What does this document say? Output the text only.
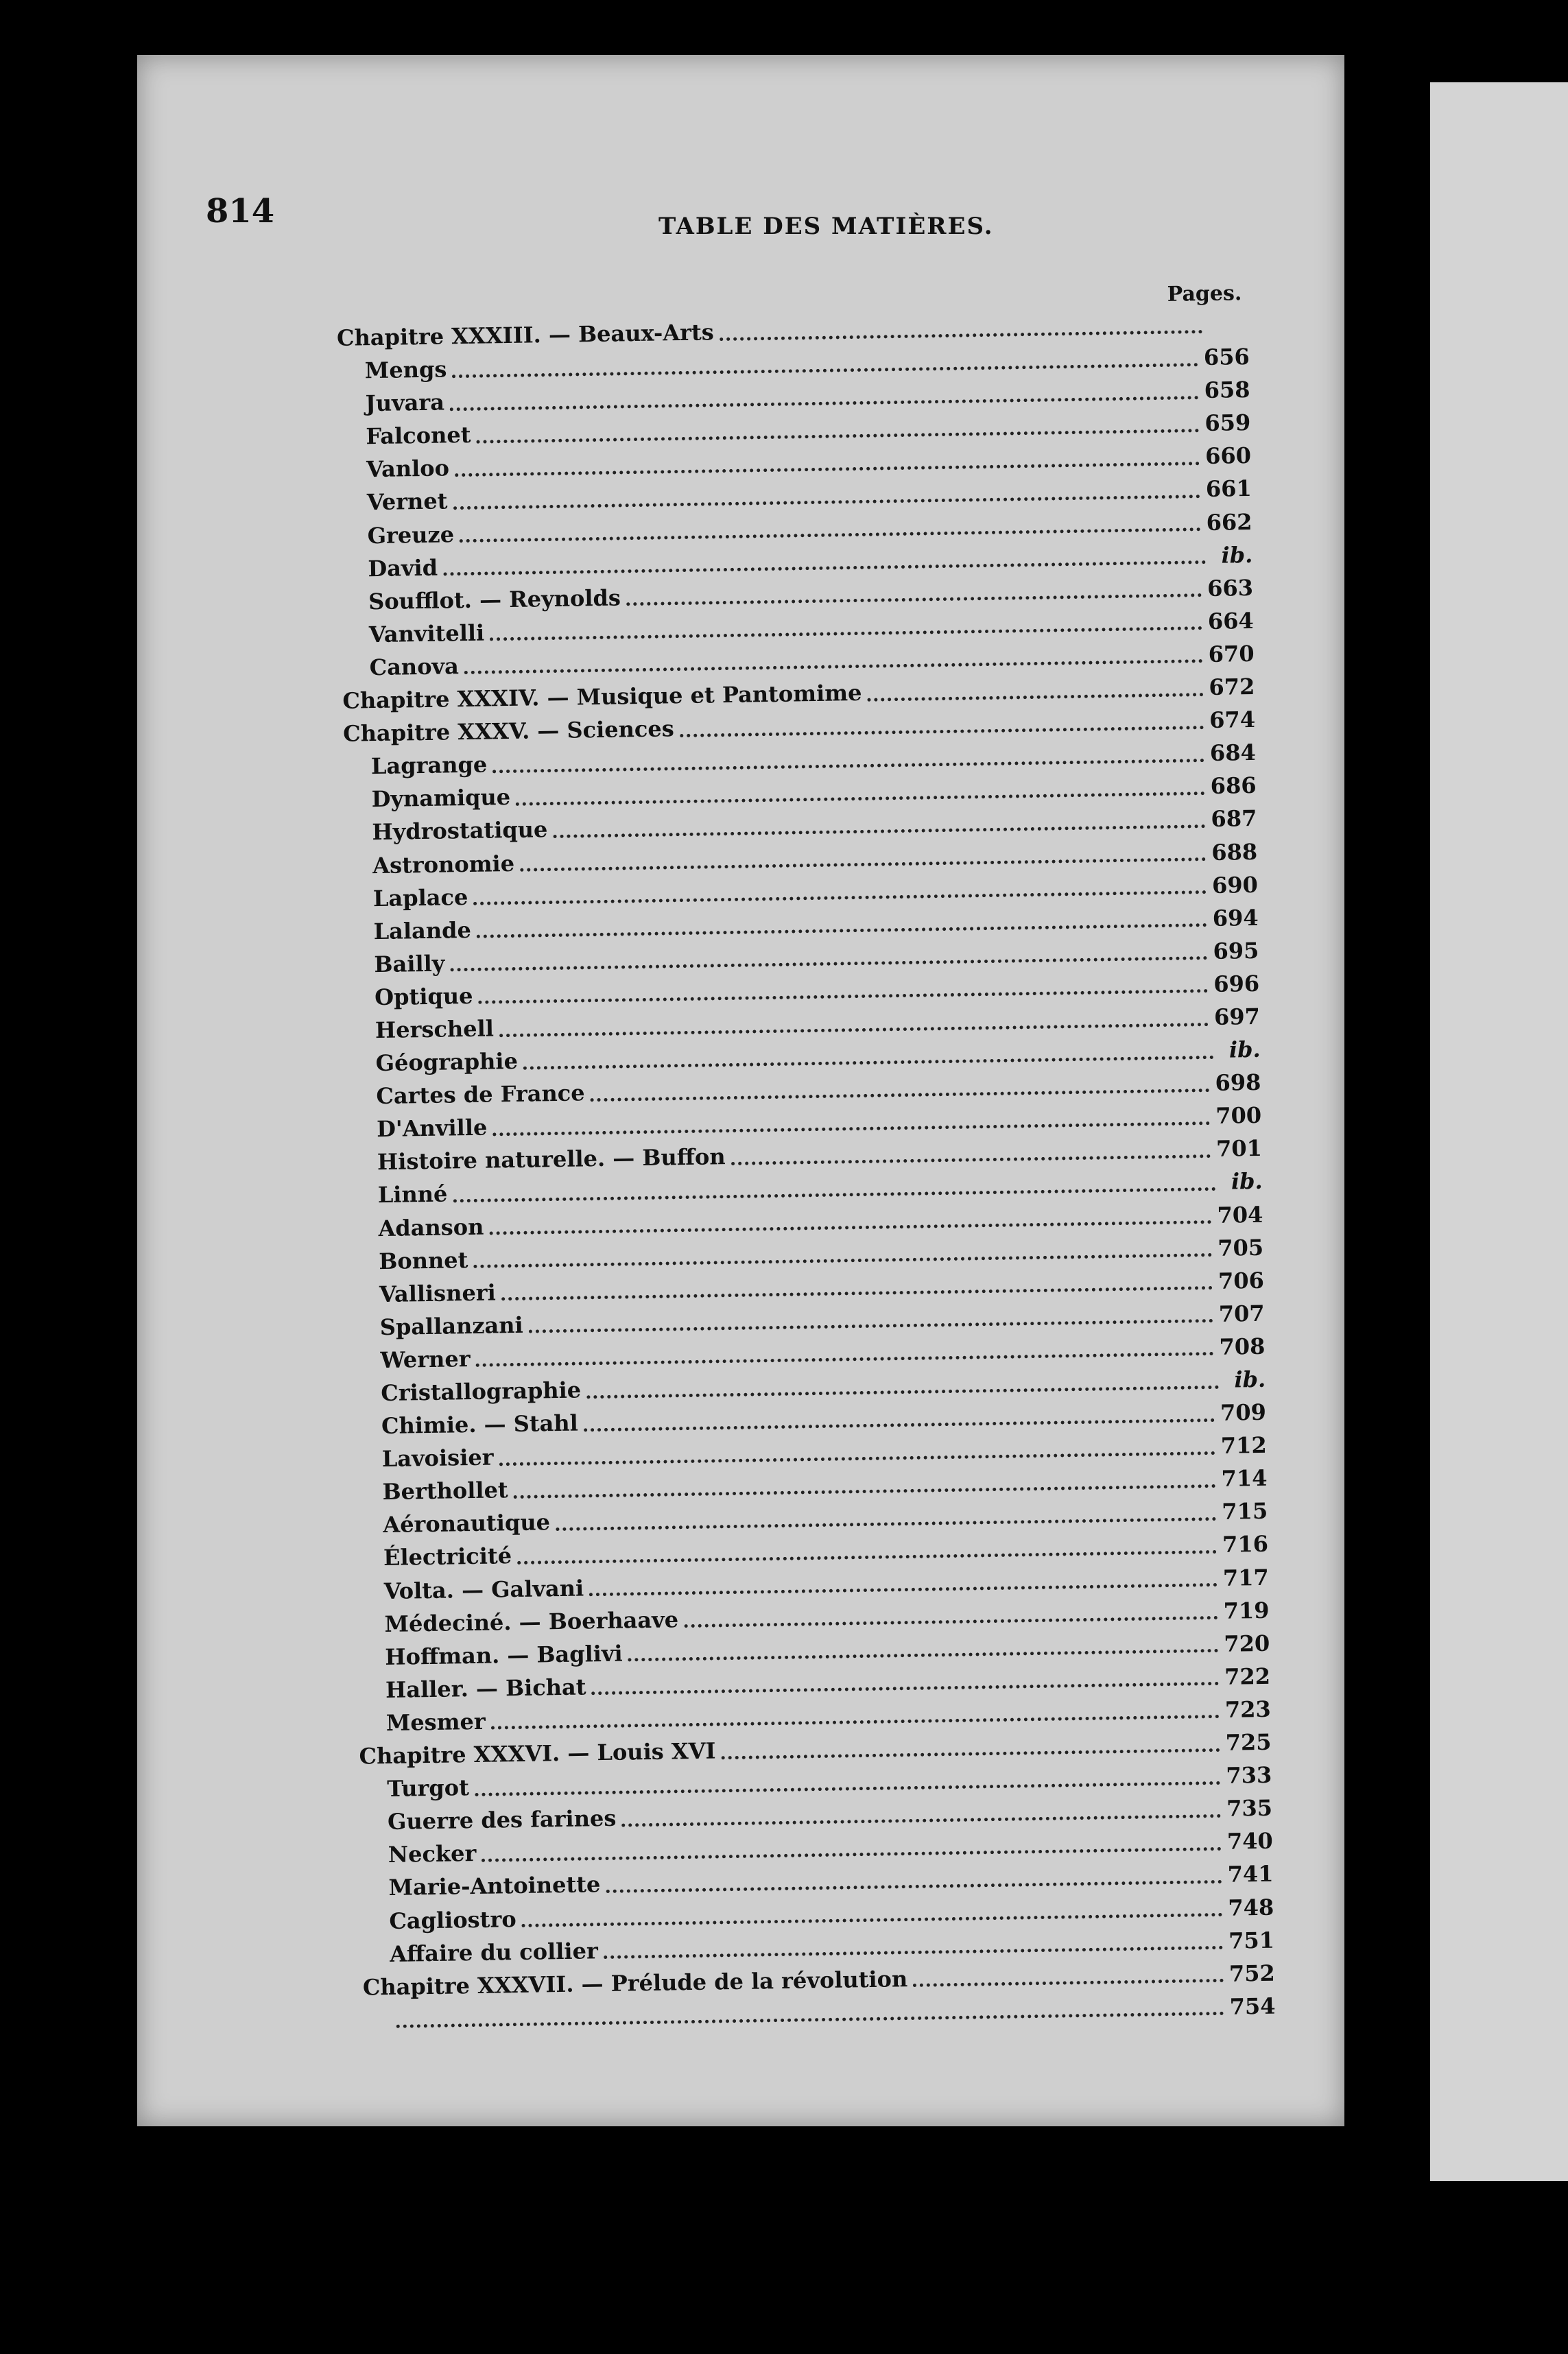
814	TABLE DES MATIÈRES.
Pages.
Chapitre XXXIII. — Beaux-Arts
Mengs	656
Juvara	658
Falconet	659
Vanloo	660
Vernet	661
Greuze	662
David	ib.
Soufflot. — Reynolds	663
Vanvitelli	664
Canova	670
Chapitre XXXIV. — Musique et Pantomime	672
Chapitre XXXV. — Sciences	674
Lagrange	684
Dynamique	686
Hydrostatique	687
Astronomie	688
Laplace	690
Lalande	694
Bailly	695
Optique	696
Herschell	697
Géographie	ib.
Cartes de France	698
D'Anville	700
Histoire naturelle. — Buffon	701
Linné	ib.
Adanson	704
Bonnet	705
Vallisneri	706
Spallanzani	707
Werner	708
Cristallographie	ib.
Chimie. — Stahl	709
Lavoisier	712
Berthollet	714
Aéronautique	715
Électricité	716
Volta. — Galvani	717
Médeciné. — Boerhaave	719
Hoffman. — Baglivi	720
Haller. — Bichat	722
Mesmer	723
Chapitre XXXVI. — Louis XVI	725
Turgot	733
Guerre des farines	735
Necker	740
Marie-Antoinette	741
Cagliostro	748
Affaire du collier	751
Chapitre XXXVII. — Prélude de la révolution	752
754
